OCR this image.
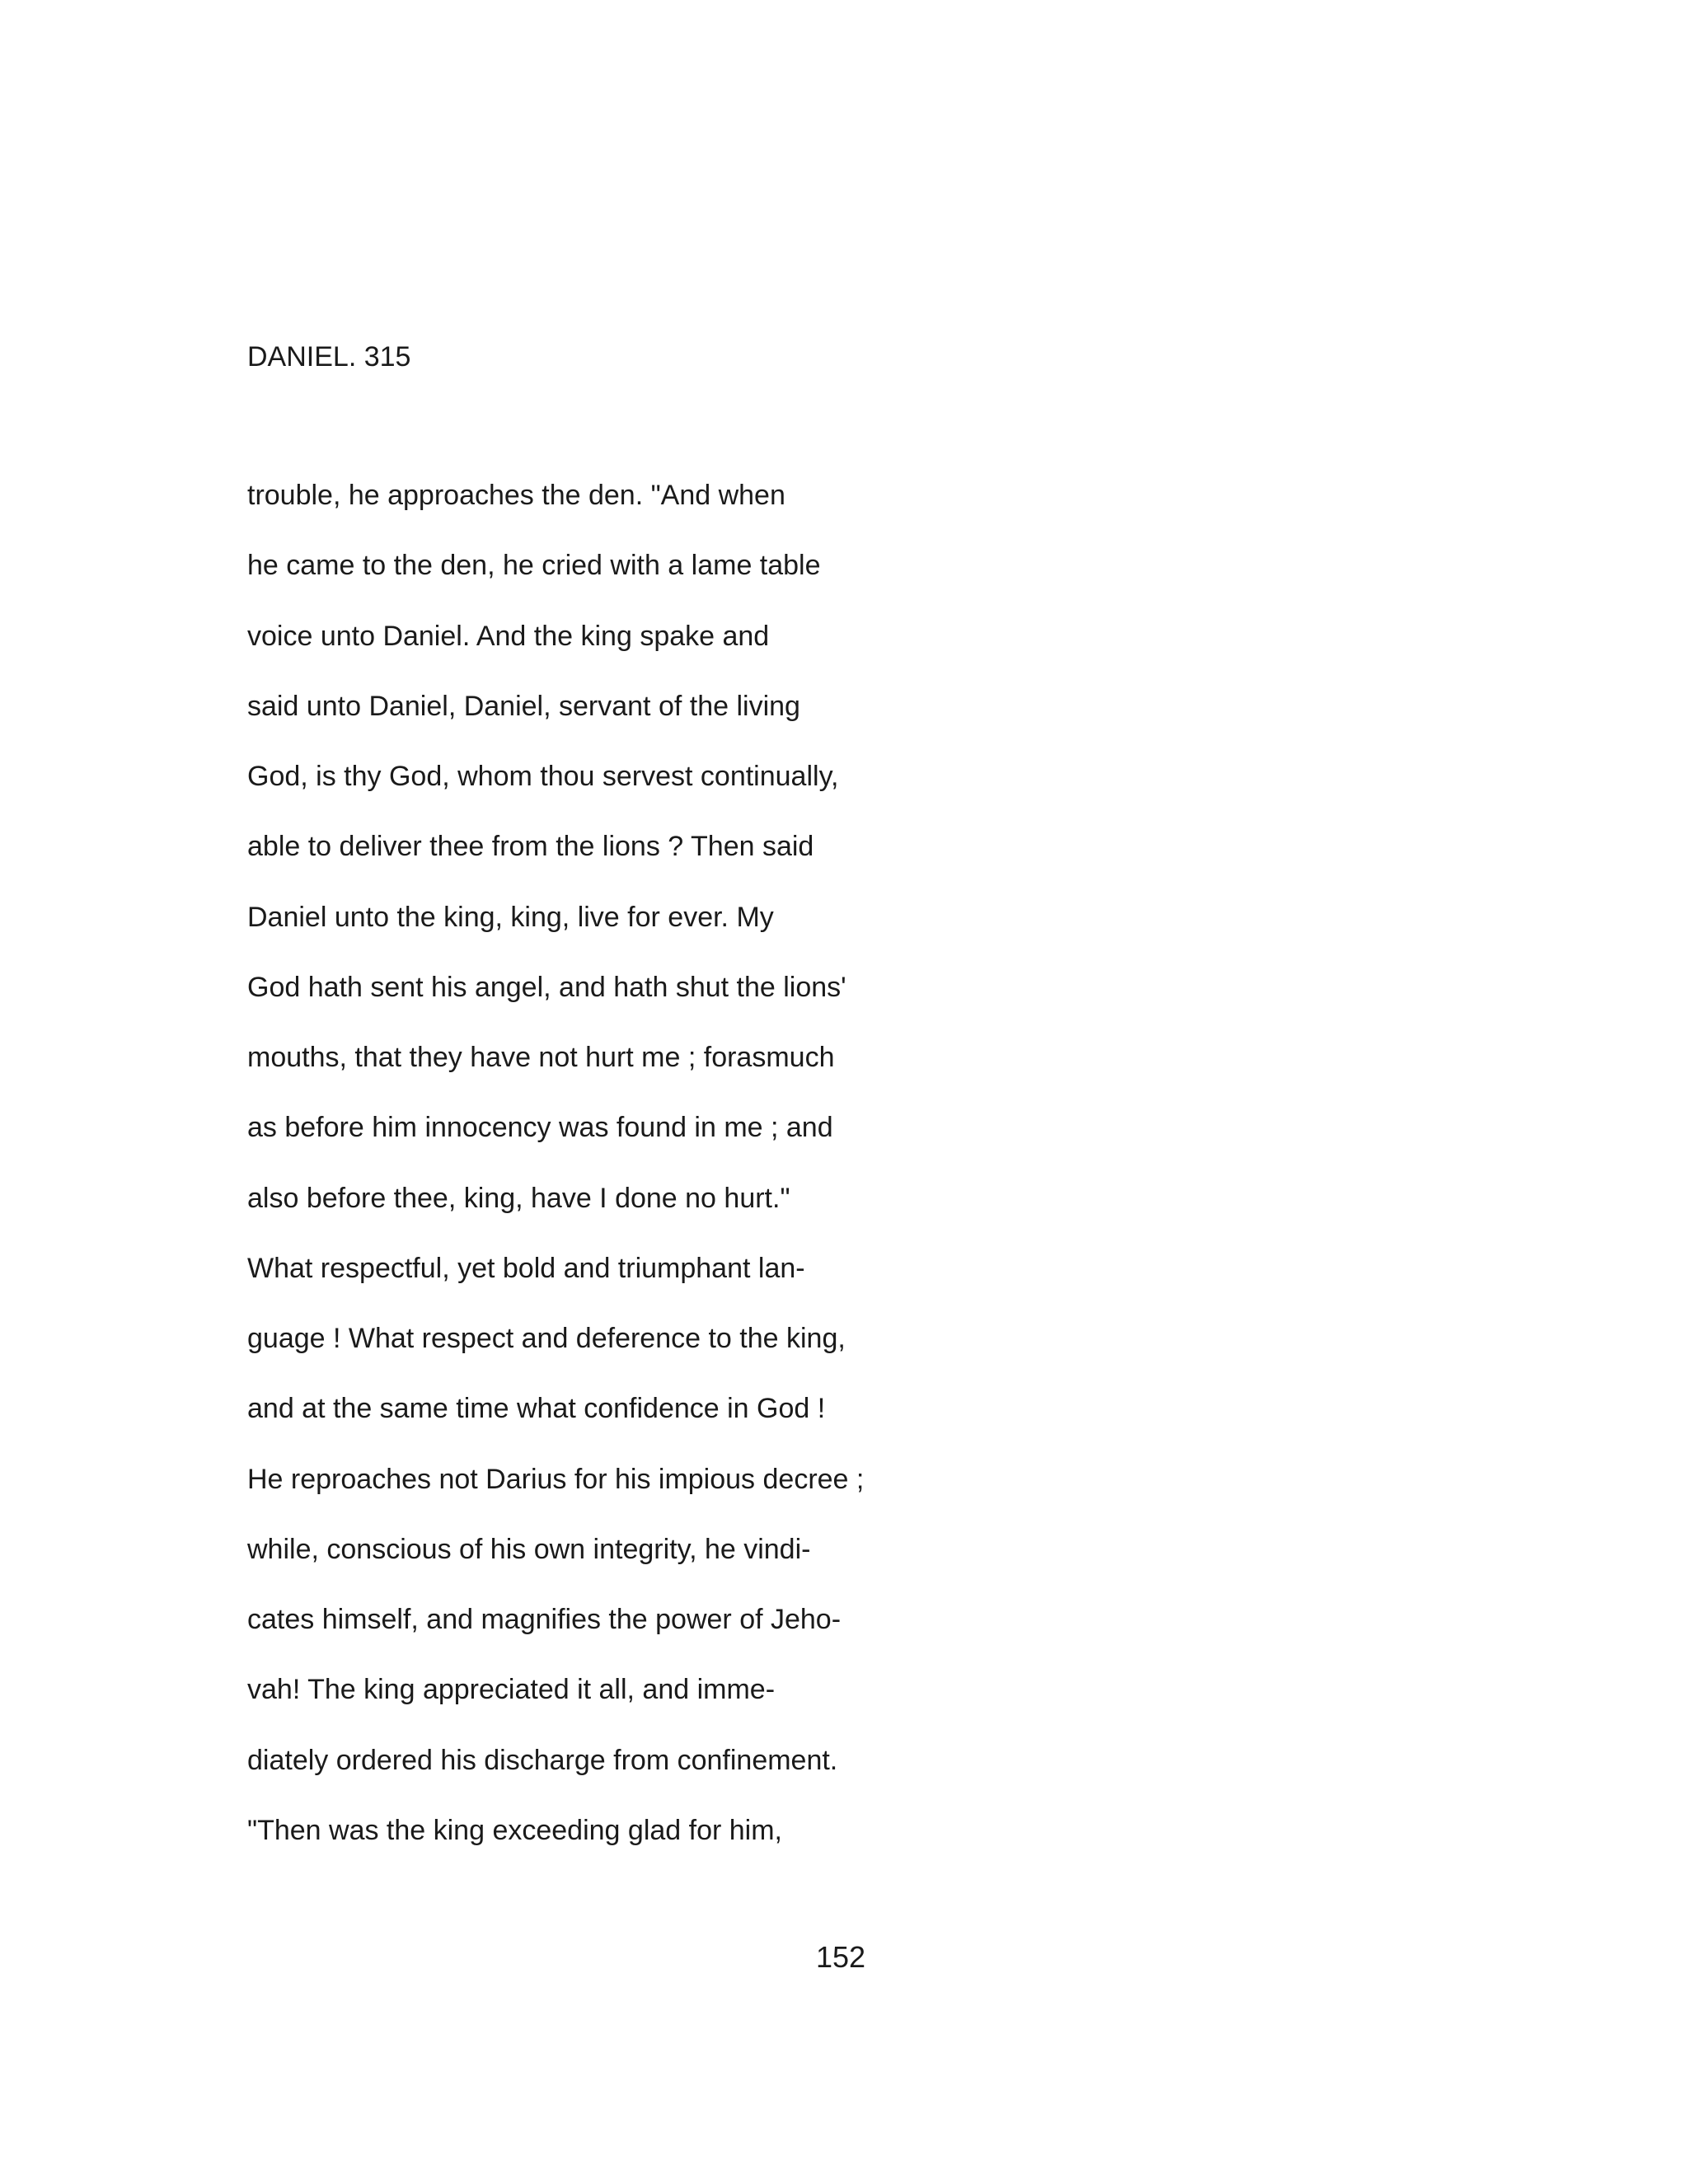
DANIEL. 315
trouble, he approaches the den. "And when
he came to the den, he cried with a lame table
voice unto Daniel. And the king spake and
said unto Daniel, Daniel, servant of the living
God, is thy God, whom thou servest continually,
able to deliver thee from the lions ? Then said
Daniel unto the king, king, live for ever. My
God hath sent his angel, and hath shut the lions'
mouths, that they have not hurt me ; forasmuch
as before him innocency was found in me ; and
also before thee, king, have I done no hurt."
What respectful, yet bold and triumphant lan-
guage ! What respect and deference to the king,
and at the same time what confidence in God !
He reproaches not Darius for his impious decree ;
while, conscious of his own integrity, he vindi-
cates himself, and magnifies the power of Jeho-
vah! The king appreciated it all, and imme-
diately ordered his discharge from confinement.
"Then was the king exceeding glad for him,
152
